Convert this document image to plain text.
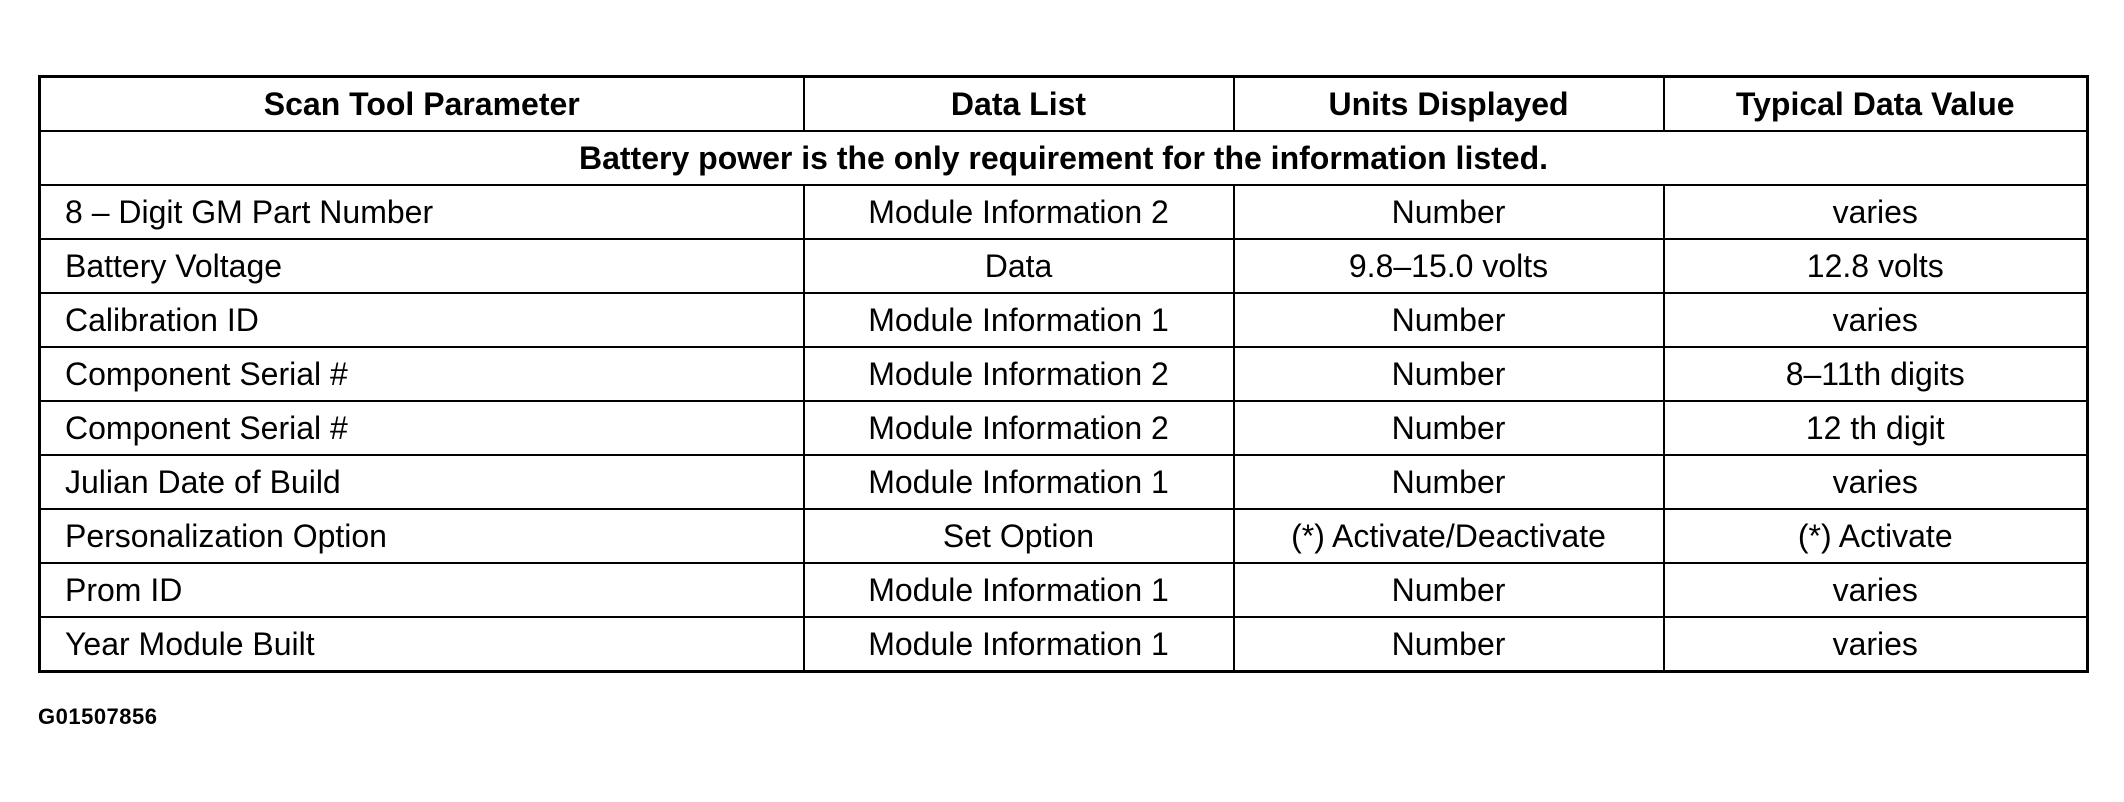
Scan Tool Parameter	Data List	Units Displayed	Typical Data Value
Battery power is the only requirement for the information listed.			
8 – Digit GM Part Number	Module Information 2	Number	varies
Battery Voltage	Data	9.8–15.0 volts	12.8 volts
Calibration ID	Module Information 1	Number	varies
Component Serial #	Module Information 2	Number	8–11th digits
Component Serial #	Module Information 2	Number	12 th digit
Julian Date of Build	Module Information 1	Number	varies
Personalization Option	Set Option	(*) Activate/Deactivate	(*) Activate
Prom ID	Module Information 1	Number	varies
Year Module Built	Module Information 1	Number	varies
G01507856
